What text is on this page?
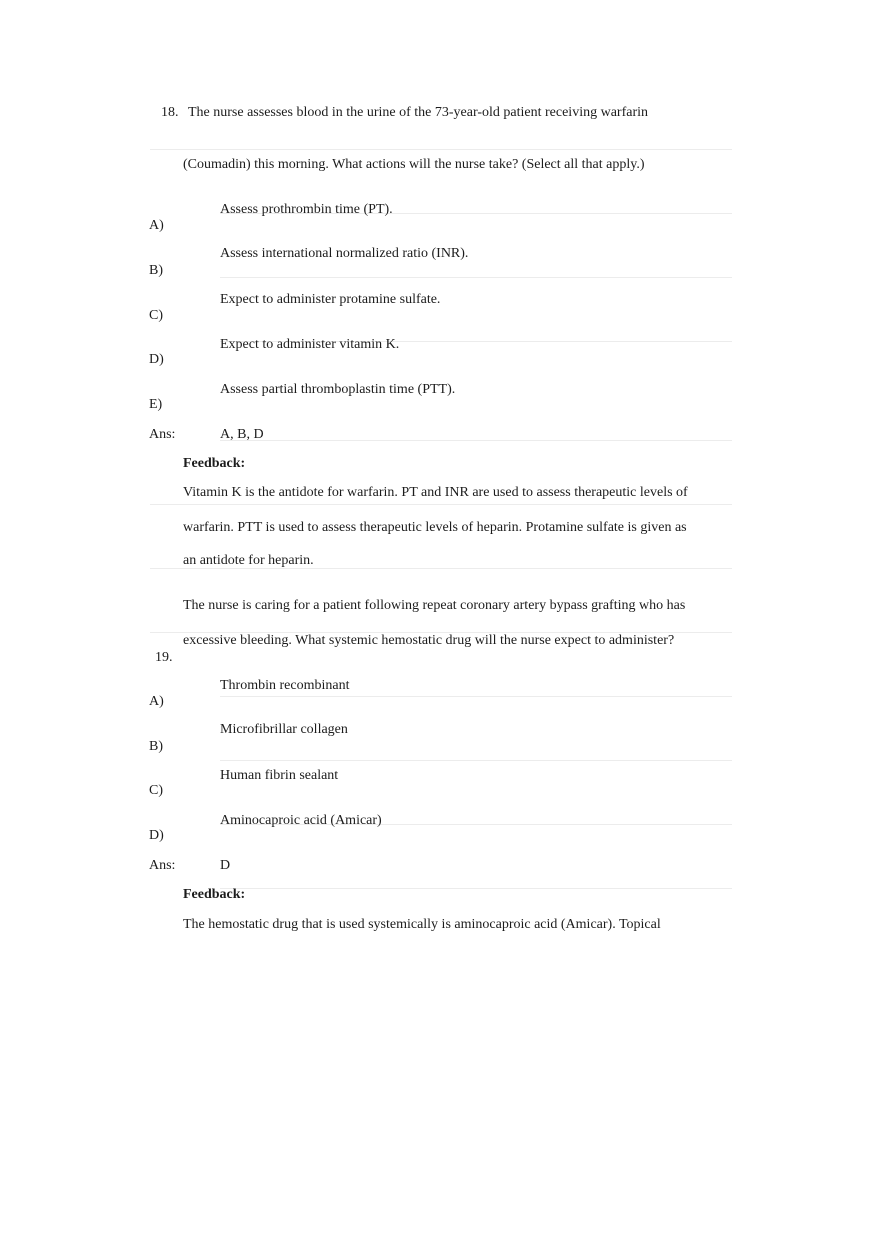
18. The nurse assesses blood in the urine of the 73-year-old patient receiving warfarin
(Coumadin) this morning. What actions will the nurse take? (Select all that apply.)
Assess prothrombin time (PT).
A)
Assess international normalized ratio (INR).
B)
Expect to administer protamine sulfate.
C)
Expect to administer vitamin K.
D)
Assess partial thromboplastin time (PTT).
E)
Ans:	A, B, D
Feedback:
Vitamin K is the antidote for warfarin. PT and INR are used to assess therapeutic levels of
warfarin. PTT is used to assess therapeutic levels of heparin. Protamine sulfate is given as
an antidote for heparin.
The nurse is caring for a patient following repeat coronary artery bypass grafting who has
excessive bleeding. What systemic hemostatic drug will the nurse expect to administer?
19.
Thrombin recombinant
A)
Microfibrillar collagen
B)
Human fibrin sealant
C)
Aminocaproic acid (Amicar)
D)
Ans:	D
Feedback:
The hemostatic drug that is used systemically is aminocaproic acid (Amicar). Topical
